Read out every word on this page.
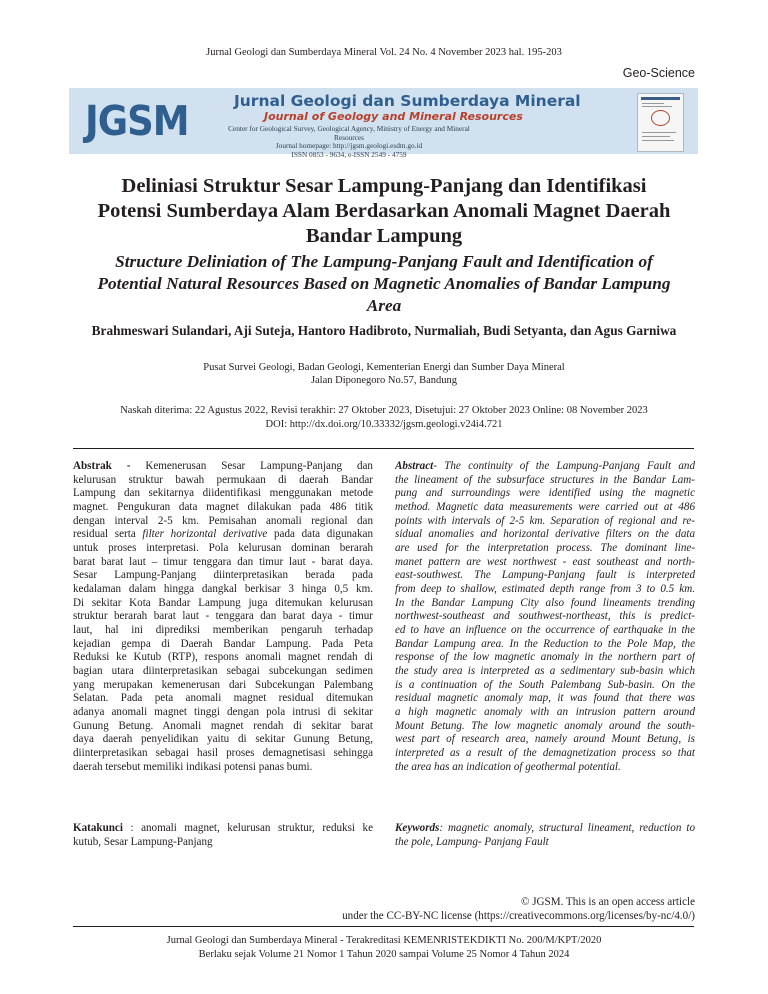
Jurnal Geologi dan Sumberdaya Mineral Vol. 24 No. 4 November 2023 hal. 195-203
Geo-Science
JGSM	Jurnal Geologi dan Sumberdaya Mineral
Journal of Geology and Mineral Resources
Center for Geological Survey, Geological Agency, Ministry of Energy and Mineral Resources
Journal homepage: http://jgsm.geologi.esdm.go.id
ISSN 0853 - 9634, e-ISSN 2549 - 4759
Deliniasi Struktur Sesar Lampung-Panjang dan Identifikasi Potensi Sumberdaya Alam Berdasarkan Anomali Magnet Daerah Bandar Lampung
Structure Deliniation of The Lampung-Panjang Fault and Identification of Potential Natural Resources Based on Magnetic Anomalies of Bandar Lampung Area
Brahmeswari Sulandari, Aji Suteja, Hantoro Hadibroto, Nurmaliah, Budi Setyanta, dan Agus Garniwa
Pusat Survei Geologi, Badan Geologi, Kementerian Energi dan Sumber Daya Mineral
Jalan Diponegoro No.57, Bandung
Naskah diterima: 22 Agustus 2022, Revisi terakhir: 27 Oktober 2023, Disetujui: 27 Oktober 2023 Online: 08 November 2023
DOI: http://dx.doi.org/10.33332/jgsm.geologi.v24i4.721
Abstrak - Kemenerusan Sesar Lampung-Panjang dan
kelurusan struktur bawah permukaan di daerah Bandar
Lampung dan sekitarnya diidentifikasi menggunakan metode
magnet. Pengukuran data magnet dilakukan pada 486 titik
dengan interval 2-5 km. Pemisahan anomali regional dan
residual serta filter horizontal derivative pada data digunakan
untuk proses interpretasi. Pola kelurusan dominan berarah
barat barat laut – timur tenggara dan timur laut - barat daya.
Sesar Lampung-Panjang diinterpretasikan berada pada
kedalaman dalam hingga dangkal berkisar 3 hinga 0,5 km.
Di sekitar Kota Bandar Lampung juga ditemukan kelurusan
struktur berarah barat laut - tenggara dan barat daya - timur
laut, hal ini diprediksi memberikan pengaruh terhadap
kejadian gempa di Daerah Bandar Lampung. Pada Peta
Reduksi ke Kutub (RTP), respons anomali magnet rendah di
bagian utara diinterpretasikan sebagai subcekungan sedimen
yang merupakan kemenerusan dari Subcekungan Palembang
Selatan. Pada peta anomali magnet residual ditemukan
adanya anomali magnet tinggi dengan pola intrusi di sekitar
Gunung Betung. Anomali magnet rendah di sekitar barat
daya daerah penyelidikan yaitu di sekitar Gunung Betung,
diinterpretasikan sebagai hasil proses demagnetisasi sehingga
daerah tersebut memiliki indikasi potensi panas bumi.
Abstract- The continuity of the Lampung-Panjang Fault and
the lineament of the subsurface structures in the Bandar Lam-
pung and surroundings were identified using the magnetic
method. Magnetic data measurements were carried out at 486
points with intervals of 2-5 km. Separation of regional and re-
sidual anomalies and horizontal derivative filters on the data
are used for the interpretation process. The dominant line-
manet pattern are west northwest - east southeast and north-
east-southwest. The Lampung-Panjang fault is interpreted
from deep to shallow, estimated depth range from 3 to 0.5 km.
In the Bandar Lampung City also found lineaments trending
northwest-southeast and southwest-northeast, this is predict-
ed to have an influence on the occurrence of earthquake in the
Bandar Lampung area. In the Reduction to the Pole Map, the
response of the low magnetic anomaly in the northern part of
the study area is interpreted as a sedimentary sub-basin which
is a continuation of the South Palembang Sub-basin. On the
residual magnetic anomaly map, it was found that there was
a high magnetic anomaly with an intrusion pattern around
Mount Betung. The low magnetic anomaly around the south-
west part of research area, namely around Mount Betung, is
interpreted as a result of the demagnetization process so that
the area has an indication of geothermal potential.
Katakunci : anomali magnet, kelurusan struktur, reduksi ke
kutub, Sesar Lampung-Panjang
Keywords: magnetic anomaly, structural lineament, reduction to
the pole, Lampung- Panjang Fault
© JGSM. This is an open access article
under the CC-BY-NC license (https://creativecommons.org/licenses/by-nc/4.0/)
Jurnal Geologi dan Sumberdaya Mineral - Terakreditasi KEMENRISTEKDIKTI No. 200/M/KPT/2020
Berlaku sejak Volume 21 Nomor 1 Tahun 2020 sampai Volume 25 Nomor 4 Tahun 2024
